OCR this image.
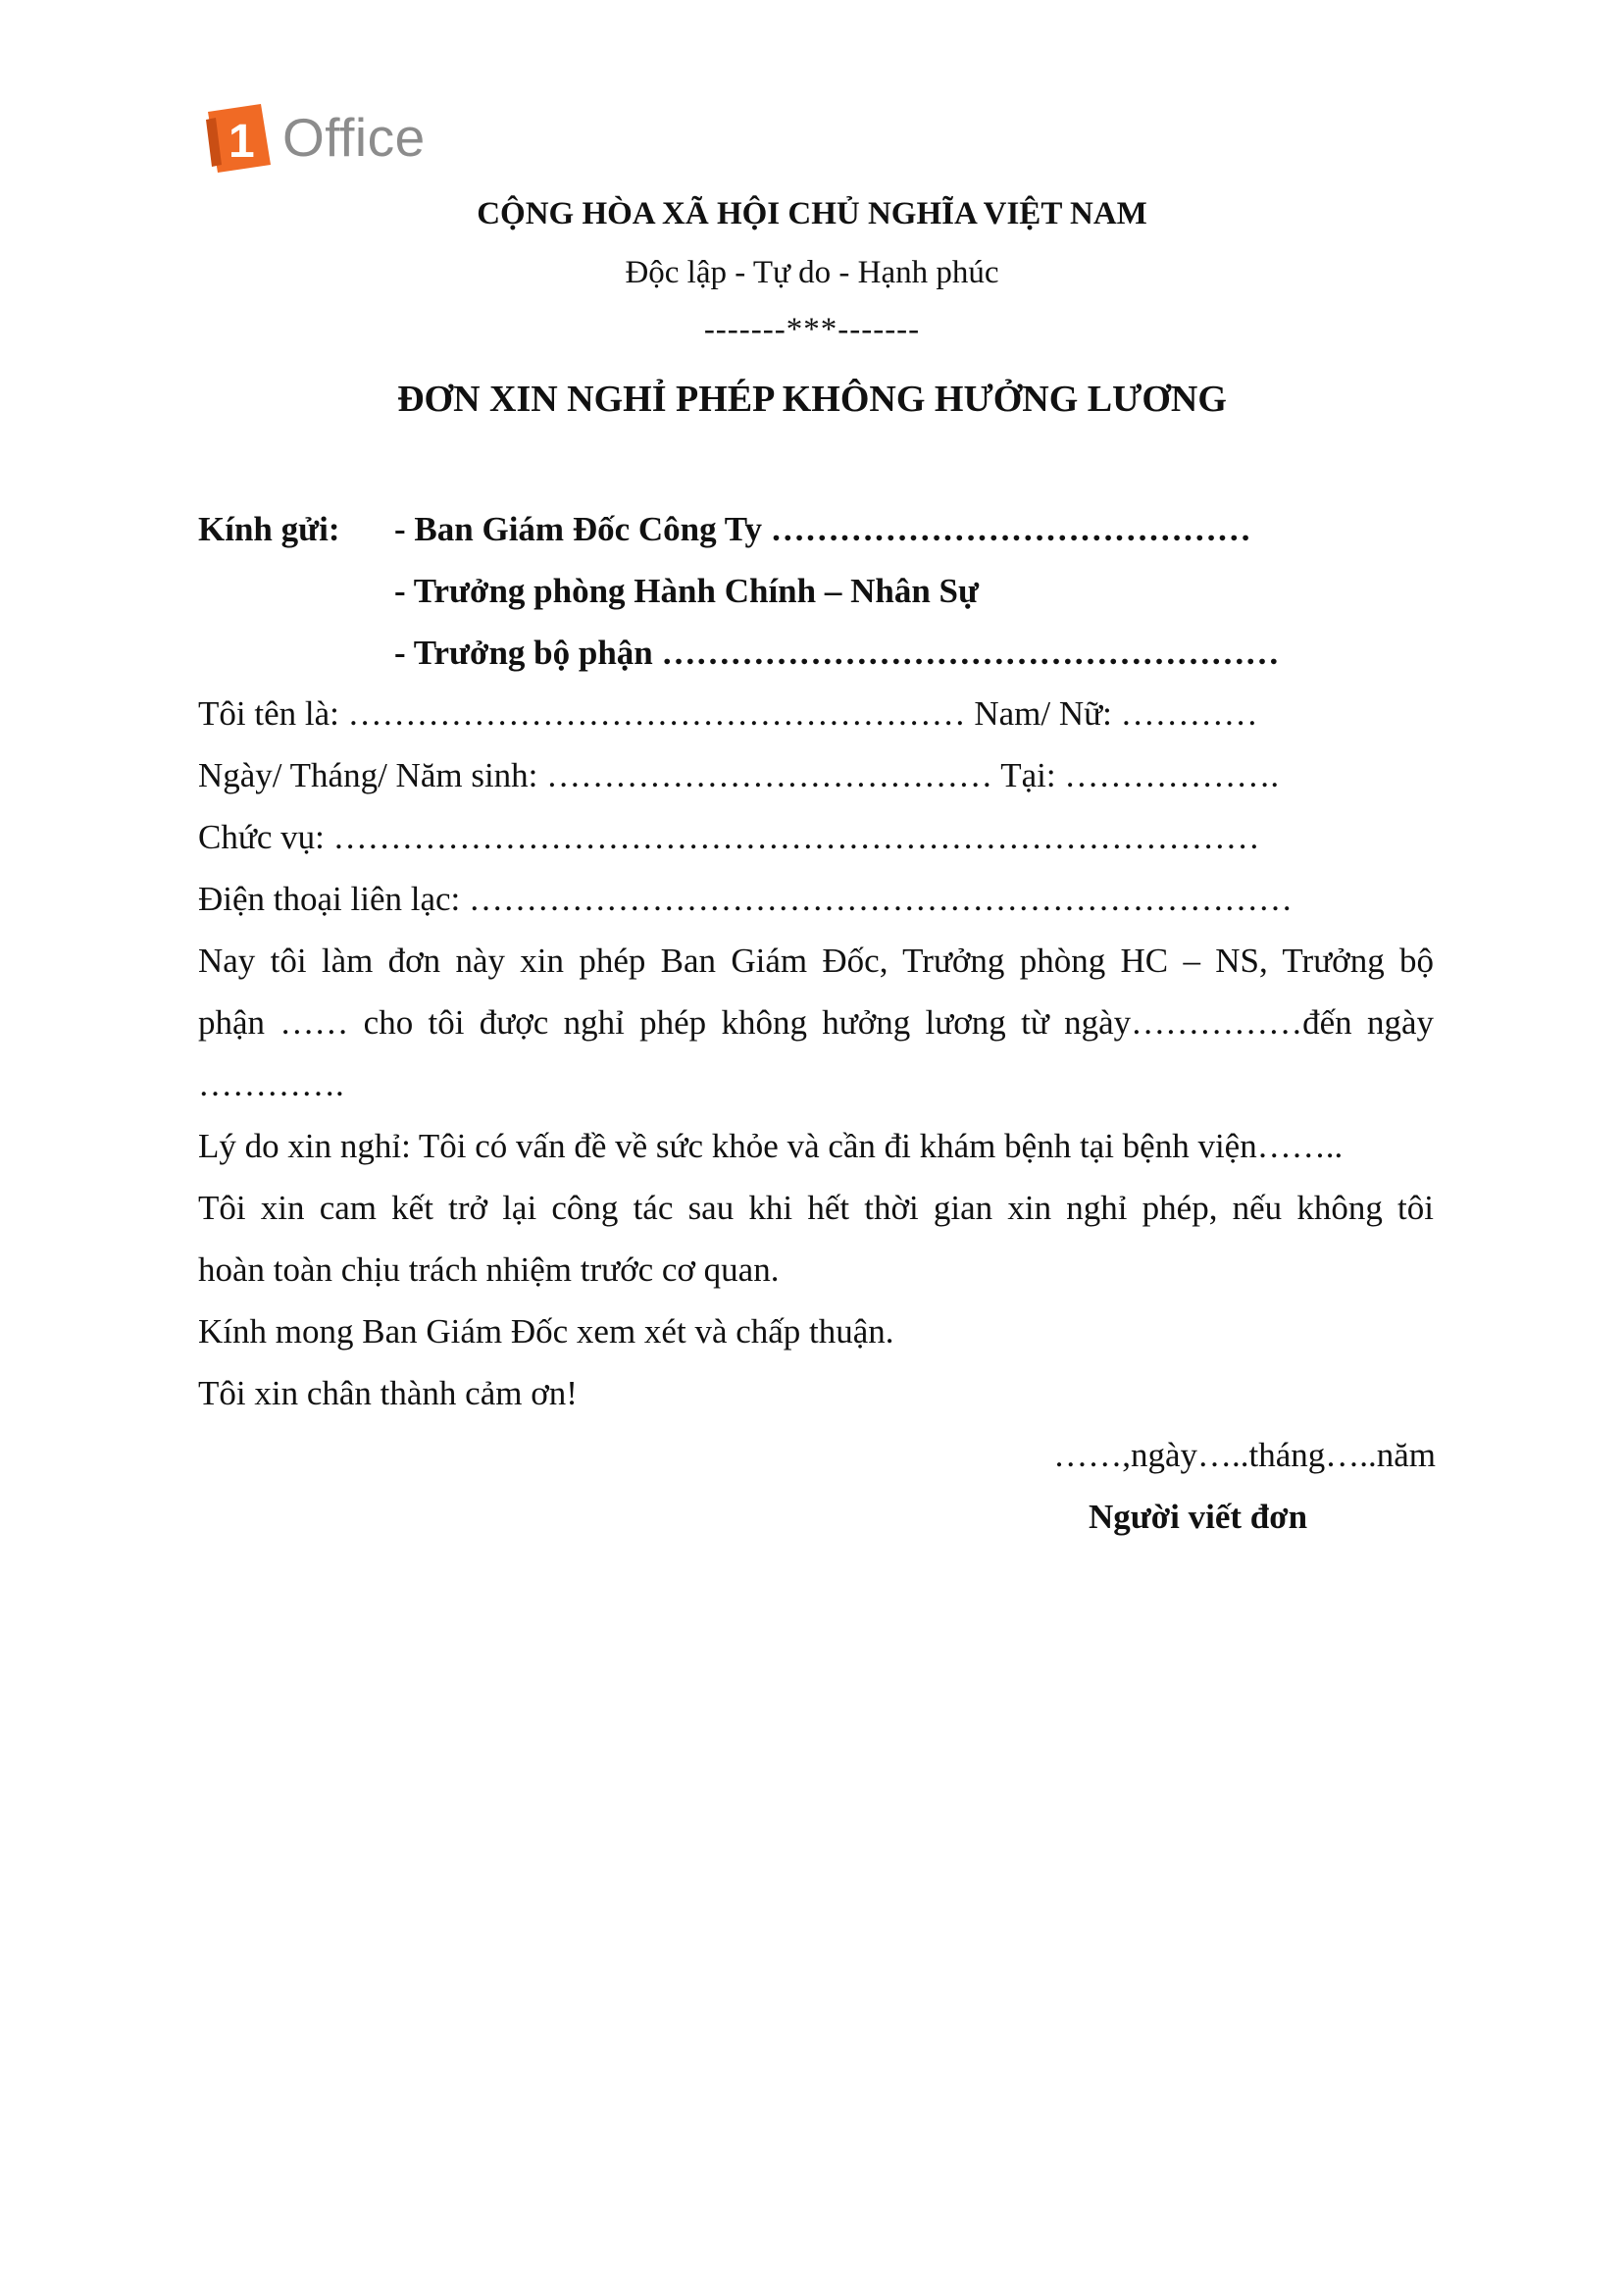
1 Office
CỘNG HÒA XÃ HỘI CHỦ NGHĨA VIỆT NAM
Độc lập - Tự do - Hạnh phúc
-------***-------
ĐƠN XIN NGHỈ PHÉP KHÔNG HƯỞNG LƯƠNG
Kính gửi: - Ban Giám Đốc Công Ty ……………………………………
- Trưởng phòng Hành Chính – Nhân Sự
- Trưởng bộ phận ………………………………………………
Tôi tên là: ……………………………………………… Nam/ Nữ: …………
Ngày/ Tháng/ Năm sinh: ………………………………… Tại: ……………….
Chức vụ: ………………………………………………………………………
Điện thoại liên lạc: ………………………………………………………………
Nay tôi làm đơn này xin phép Ban Giám Đốc, Trưởng phòng HC – NS, Trưởng bộ
phận …… cho tôi được nghỉ phép không hưởng lương từ ngày……………đến ngày
………….
Lý do xin nghỉ: Tôi có vấn đề về sức khỏe và cần đi khám bệnh tại bệnh viện……..
Tôi xin cam kết trở lại công tác sau khi hết thời gian xin nghỉ phép, nếu không tôi
hoàn toàn chịu trách nhiệm trước cơ quan.
Kính mong Ban Giám Đốc xem xét và chấp thuận.
Tôi xin chân thành cảm ơn!
……,ngày…..tháng…..năm
Người viết đơn
